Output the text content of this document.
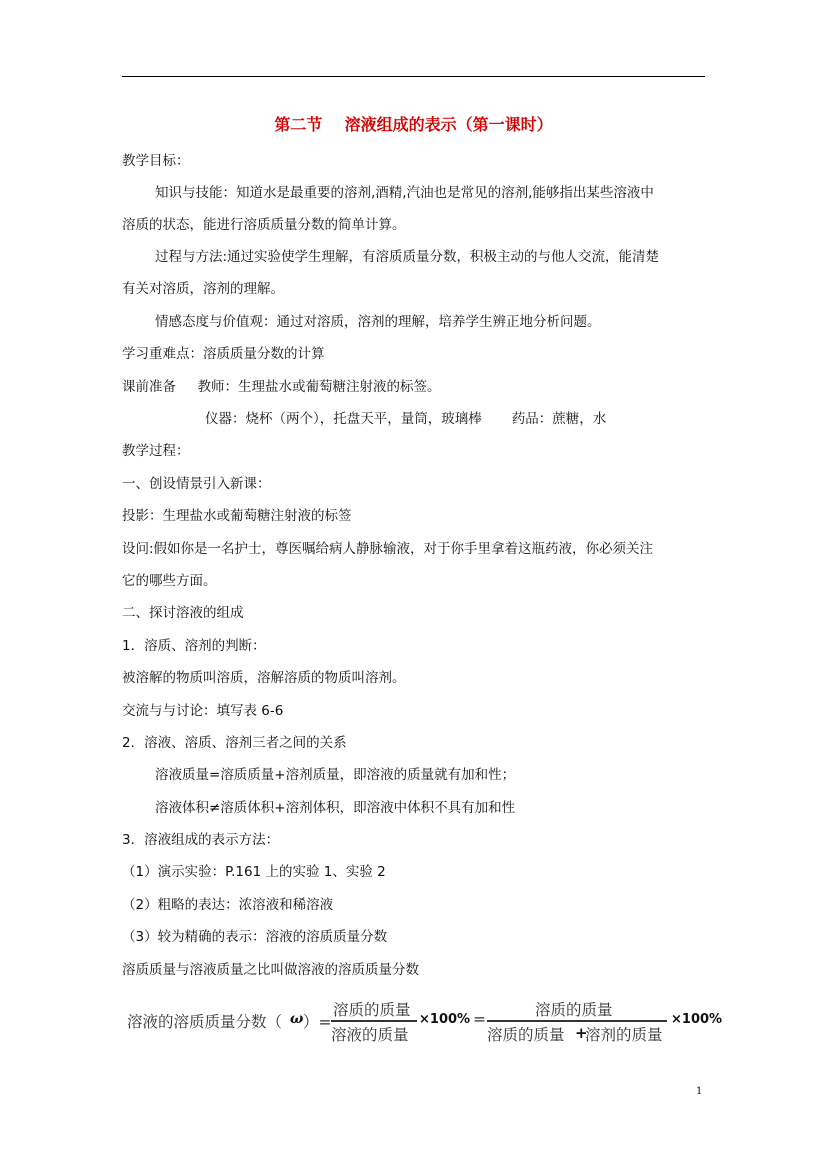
第二节    溶液组成的表示（第一课时）
教学目标：
知识与技能：知道水是最重要的溶剂,酒精,汽油也是常见的溶剂,能够指出某些溶液中
溶质的状态，能进行溶质质量分数的简单计算。
过程与方法:通过实验使学生理解，有溶质质量分数，积极主动的与他人交流，能清楚
有关对溶质，溶剂的理解。
情感态度与价值观：通过对溶质，溶剂的理解，培养学生辨正地分析问题。
学习重难点：溶质质量分数的计算
课前准备     教师：生理盐水或葡萄糖注射液的标签。
仪器：烧杯（两个），托盘天平，量筒，玻璃棒       药品：蔗糖，水
教学过程：
一、创设情景引入新课：
投影：生理盐水或葡萄糖注射液的标签
设问:假如你是一名护士，尊医嘱给病人静脉输液，对于你手里拿着这瓶药液，你必须关注
它的哪些方面。
二、探讨溶液的组成
1．溶质、溶剂的判断：
被溶解的物质叫溶质，溶解溶质的物质叫溶剂。
交流与与讨论：填写表 6-6
2．溶液、溶质、溶剂三者之间的关系
溶液质量=溶质质量+溶剂质量，即溶液的质量就有加和性；
溶液体积≠溶质体积+溶剂体积，即溶液中体积不具有加和性
3．溶液组成的表示方法：
（1）演示实验：P.161 上的实验 1、实验 2
（2）粗略的表达：浓溶液和稀溶液
（3）较为精确的表示：溶液的溶质质量分数
溶质质量与溶液质量之比叫做溶液的溶质质量分数
溶液的溶质质量分数（ ω ）=
溶质的质量
溶液的质量
×100% =	溶质的质量
溶质的质量 +
溶剂的质量
×100%
1
